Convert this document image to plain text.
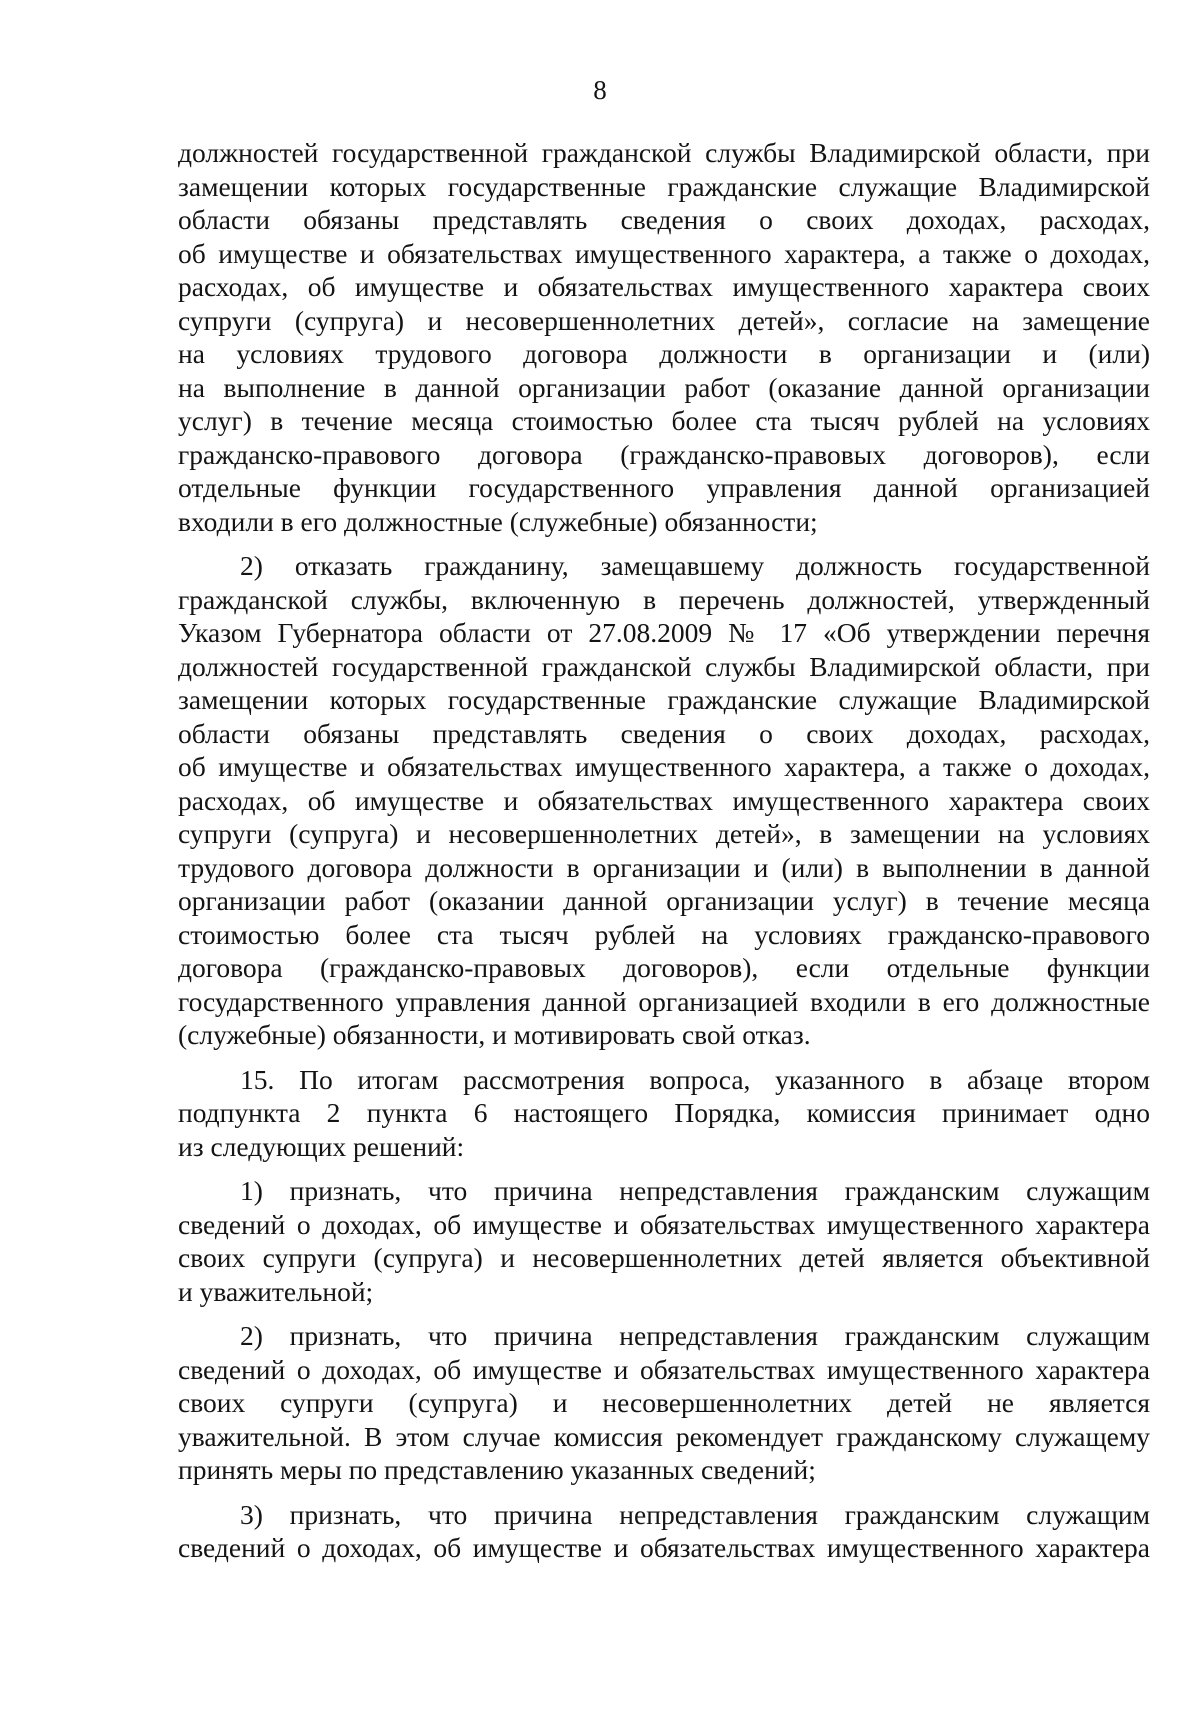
8
должностей государственной гражданской службы Владимирской области, при
замещении которых государственные гражданские служащие Владимирской
области обязаны представлять сведения о своих доходах, расходах,
об имуществе и обязательствах имущественного характера, а также о доходах,
расходах, об имуществе и обязательствах имущественного характера своих
супруги (супруга) и несовершеннолетних детей», согласие на замещение
на условиях трудового договора должности в организации и (или)
на выполнение в данной организации работ (оказание данной организации
услуг) в течение месяца стоимостью более ста тысяч рублей на условиях
гражданско-правового договора (гражданско-правовых договоров), если
отдельные функции государственного управления данной организацией
входили в его должностные (служебные) обязанности;
2) отказать гражданину, замещавшему должность государственной
гражданской службы, включенную в перечень должностей, утвержденный
Указом Губернатора области от 27.08.2009 № 17 «Об утверждении перечня
должностей государственной гражданской службы Владимирской области, при
замещении которых государственные гражданские служащие Владимирской
области обязаны представлять сведения о своих доходах, расходах,
об имуществе и обязательствах имущественного характера, а также о доходах,
расходах, об имуществе и обязательствах имущественного характера своих
супруги (супруга) и несовершеннолетних детей», в замещении на условиях
трудового договора должности в организации и (или) в выполнении в данной
организации работ (оказании данной организации услуг) в течение месяца
стоимостью более ста тысяч рублей на условиях гражданско-правового
договора (гражданско-правовых договоров), если отдельные функции
государственного управления данной организацией входили в его должностные
(служебные) обязанности, и мотивировать свой отказ.
15. По итогам рассмотрения вопроса, указанного в абзаце втором
подпункта 2 пункта 6 настоящего Порядка, комиссия принимает одно
из следующих решений:
1) признать, что причина непредставления гражданским служащим
сведений о доходах, об имуществе и обязательствах имущественного характера
своих супруги (супруга) и несовершеннолетних детей является объективной
и уважительной;
2) признать, что причина непредставления гражданским служащим
сведений о доходах, об имуществе и обязательствах имущественного характера
своих супруги (супруга) и несовершеннолетних детей не является
уважительной. В этом случае комиссия рекомендует гражданскому служащему
принять меры по представлению указанных сведений;
3) признать, что причина непредставления гражданским служащим
сведений о доходах, об имуществе и обязательствах имущественного характера
